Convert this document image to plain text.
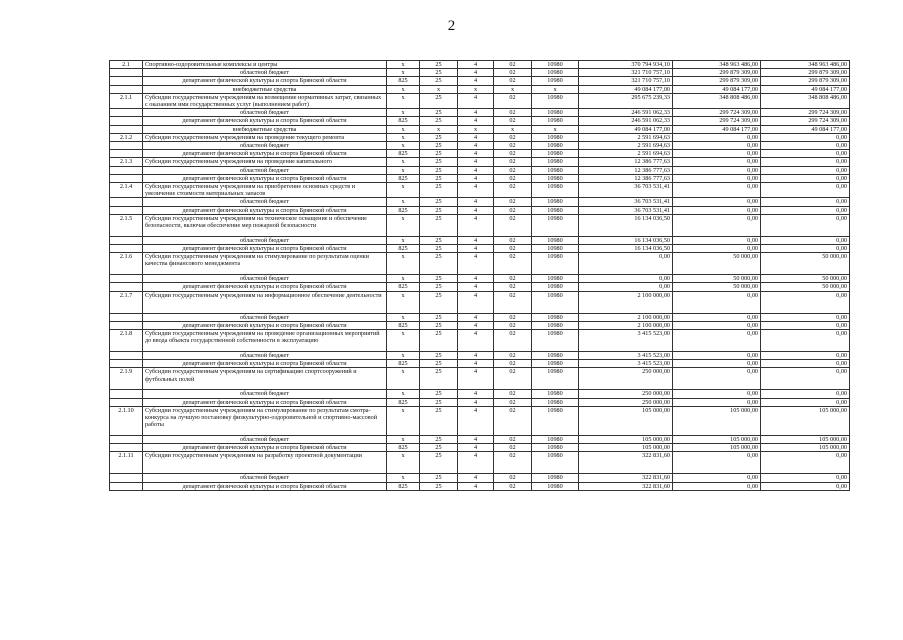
2
2.1	Спортивно-оздоровительные комплексы и центры	х	25	4	02	10980	370 794 934,10	348 963 486,00	348 963 486,00
	областной бюджет	х	25	4	02	10980	321 710 757,10	299 879 309,00	299 879 309,00
	департамент физической культуры и спорта Брянской области	825	25	4	02	10980	321 710 757,10	299 879 309,00	299 879 309,00
	внебюджетные средства	х	х	х	х	х	49 084 177,00	49 084 177,00	49 084 177,00
2.1.1	Субсидии государственным учреждениям на возмещение нормативных затрат, связанных с оказанием ими государственных услуг (выполнением работ)	х	25	4	02	10980	295 675 239,33	348 808 486,00	348 808 486,00
	областной бюджет	х	25	4	02	10980	246 591 062,33	299 724 309,00	299 724 309,00
	департамент физической культуры и спорта Брянской области	825	25	4	02	10980	246 591 062,33	299 724 309,00	299 724 309,00
	внебюджетные средства	х	х	х	х	х	49 084 177,00	49 084 177,00	49 084 177,00
2.1.2	Субсидии государственным учреждениям на проведение текущего ремонта	х	25	4	02	10980	2 591 694,63	0,00	0,00
	областной бюджет	х	25	4	02	10980	2 591 694,63	0,00	0,00
	департамент физической культуры и спорта Брянской области	825	25	4	02	10980	2 591 694,63	0,00	0,00
2.1.3	Субсидии государственным учреждениям на проведение капитального	х	25	4	02	10980	12 386 777,63	0,00	0,00
	областной бюджет	х	25	4	02	10980	12 386 777,63	0,00	0,00
	департамент физической культуры и спорта Брянской области	825	25	4	02	10980	12 386 777,63	0,00	0,00
2.1.4	Субсидии государственным учреждениям на приобретение основных средств и увеличение стоимости материальных запасов	х	25	4	02	10980	36 703 531,41	0,00	0,00
	областной бюджет	х	25	4	02	10980	36 703 531,41	0,00	0,00
	департамент физической культуры и спорта Брянской области	825	25	4	02	10980	36 703 531,41	0,00	0,00
2.1.5	Субсидии государственным учреждениям на техническое оснащение и обеспечение безопасности, включая обеспечение мер пожарной безопасности	х	25	4	02	10980	16 134 036,50	0,00	0,00
	областной бюджет	х	25	4	02	10980	16 134 036,50	0,00	0,00
	департамент физической культуры и спорта Брянской области	825	25	4	02	10980	16 134 036,50	0,00	0,00
2.1.6	Субсидии государственным учреждениям на стимулирование по результатам оценки качества финансового менеджмента	х	25	4	02	10980	0,00	50 000,00	50 000,00
	областной бюджет	х	25	4	02	10980	0,00	50 000,00	50 000,00
	департамент физической культуры и спорта Брянской области	825	25	4	02	10980	0,00	50 000,00	50 000,00
2.1.7	Субсидии государственным учреждениям на информационное обеспечение деятельности	х	25	4	02	10980	2 100 000,00	0,00	0,00
	областной бюджет	х	25	4	02	10980	2 100 000,00	0,00	0,00
	департамент физической культуры и спорта Брянской области	825	25	4	02	10980	2 100 000,00	0,00	0,00
2.1.8	Субсидии государственным учреждениям на проведение организационных мероприятий до ввода объекта государственной собственности в эксплуатацию	х	25	4	02	10980	3 415 523,00	0,00	0,00
	областной бюджет	х	25	4	02	10980	3 415 523,00	0,00	0,00
	департамент физической культуры и спорта Брянской области	825	25	4	02	10980	3 415 523,00	0,00	0,00
2.1.9	Субсидии государственным учреждениям на сертификацию спортсооружений и футбольных полей	х	25	4	02	10980	250 000,00	0,00	0,00
	областной бюджет	х	25	4	02	10980	250 000,00	0,00	0,00
	департамент физической культуры и спорта Брянской области	825	25	4	02	10980	250 000,00	0,00	0,00
2.1.10	Субсидии государственным учреждениям на стимулирование по результатам смотра-конкурса на лучшую постановку физкультурно-оздоровительной и спортивно-массовой работы	х	25	4	02	10980	105 000,00	105 000,00	105 000,00
	областной бюджет	х	25	4	02	10980	105 000,00	105 000,00	105 000,00
	департамент физической культуры и спорта Брянской области	825	25	4	02	10980	105 000,00	105 000,00	105 000,00
2.1.11	Субсидии государственным учреждениям на разработку проектной документации	х	25	4	02	10980	322 831,60	0,00	0,00
	областной бюджет	х	25	4	02	10980	322 831,60	0,00	0,00
	департамент физической культуры и спорта Брянской области	825	25	4	02	10980	322 831,60	0,00	0,00
